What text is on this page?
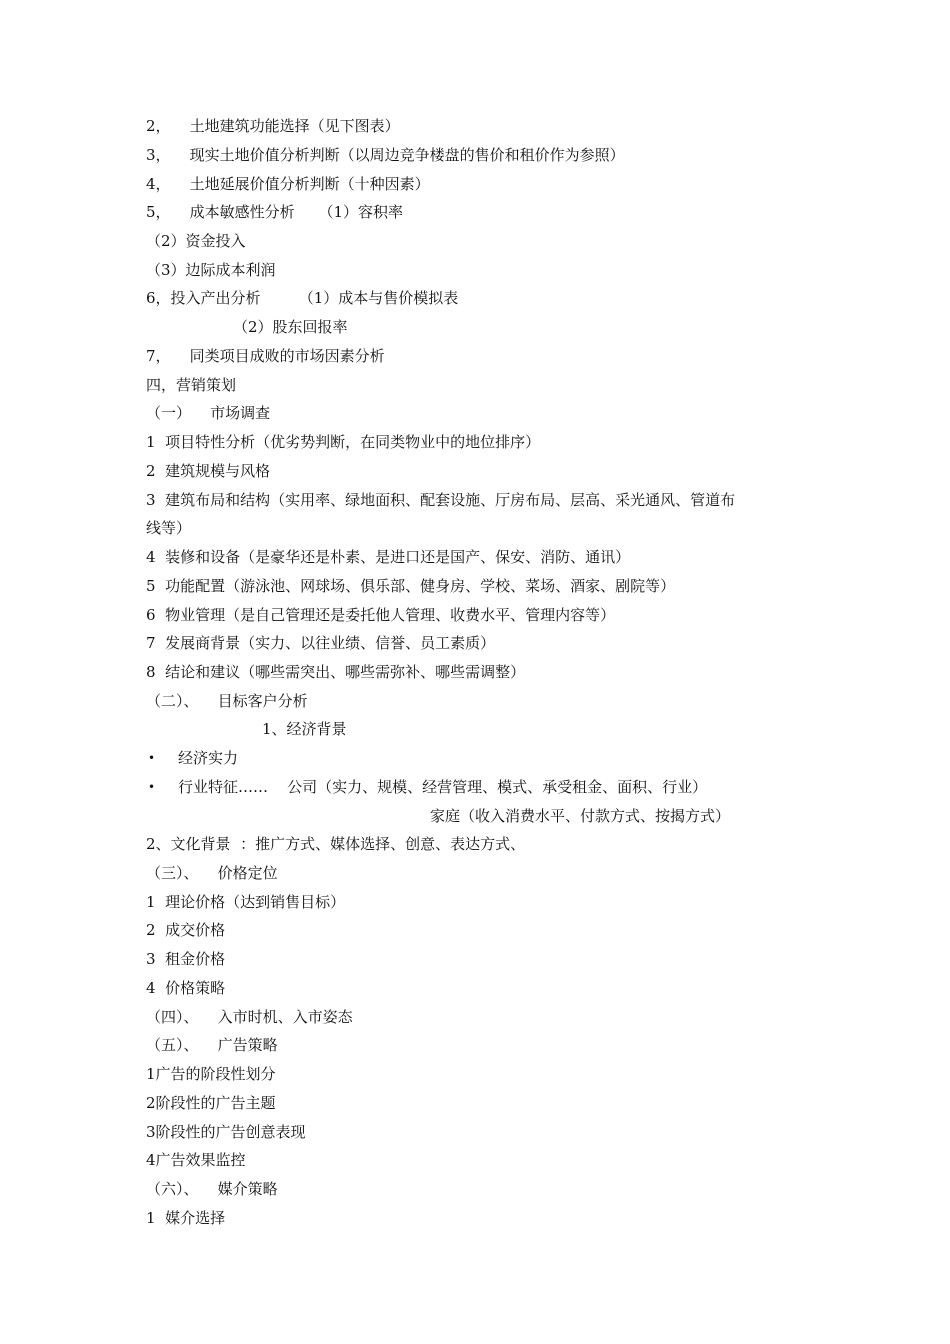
2，    土地建筑功能选择（见下图表）
3，    现实土地价值分析判断（以周边竞争楼盘的售价和租价作为参照）
4，    土地延展价值分析判断（十种因素）
5，    成本敏感性分析     （1）容积率
（2）资金投入
（3）边际成本利润
6，投入产出分析        （1）成本与售价模拟表
（2）股东回报率
7，    同类项目成败的市场因素分析
四，营销策划
（一）    市场调查
1  项目特性分析（优劣势判断，在同类物业中的地位排序）
2  建筑规模与风格
3  建筑布局和结构（实用率、绿地面积、配套设施、厅房布局、层高、采光通风、管道布
线等）
4  装修和设备（是豪华还是朴素、是进口还是国产、保安、消防、通讯）
5  功能配置（游泳池、网球场、俱乐部、健身房、学校、菜场、酒家、剧院等）
6  物业管理（是自己管理还是委托他人管理、收费水平、管理内容等）
7  发展商背景（实力、以往业绩、信誉、员工素质）
8  结论和建议（哪些需突出、哪些需弥补、哪些需调整）
（二）、    目标客户分析
1、经济背景
• 经济实力
• 行业特征……    公司（实力、规模、经营管理、模式、承受租金、面积、行业）
家庭（收入消费水平、付款方式、按揭方式）
2、文化背景  ：推广方式、媒体选择、创意、表达方式、
（三）、    价格定位
1  理论价格（达到销售目标）
2  成交价格
3  租金价格
4  价格策略
（四）、    入市时机、入市姿态
（五）、    广告策略
1广告的阶段性划分
2阶段性的广告主题
3阶段性的广告创意表现
4广告效果监控
（六）、    媒介策略
1  媒介选择
